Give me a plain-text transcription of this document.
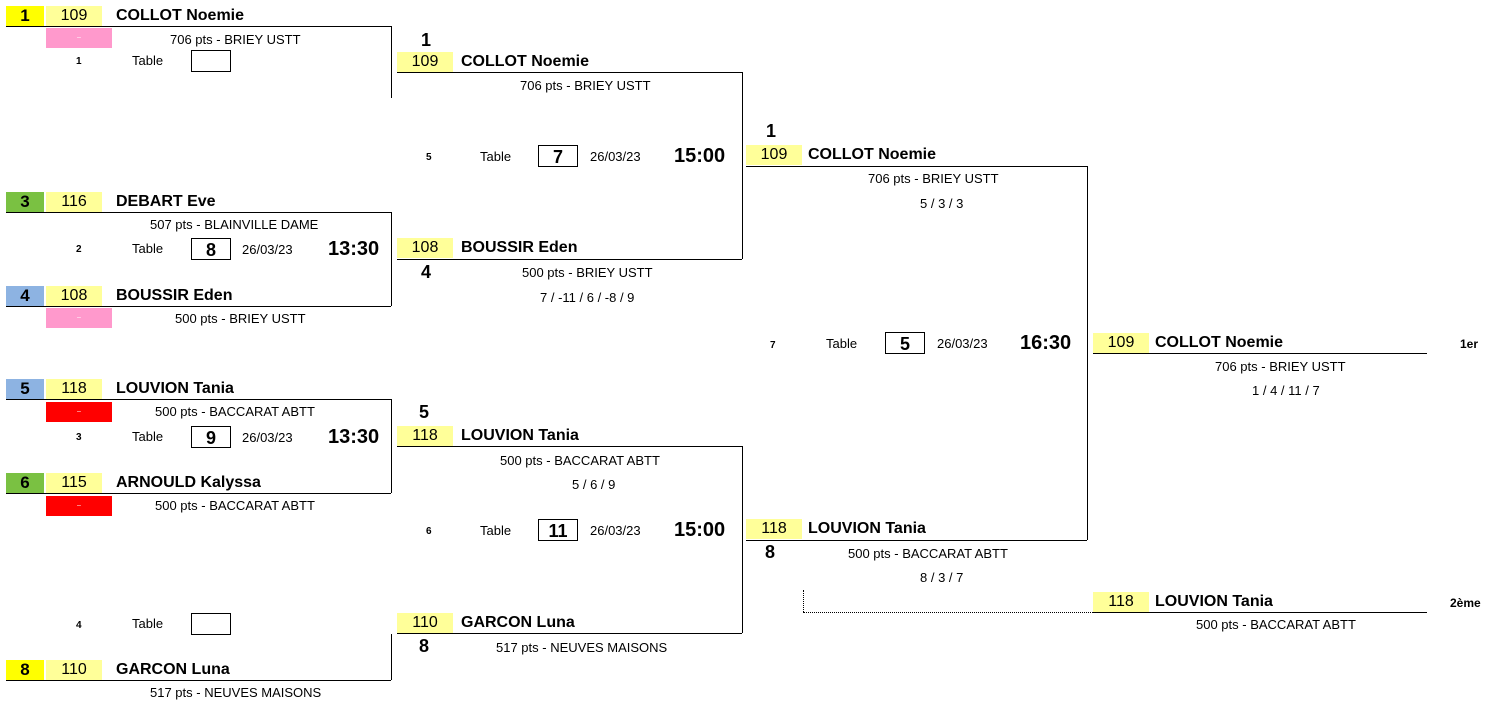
1	109	COLLOT Noemie
–	706 pts - BRIEY USTT
1	Table
3	116	DEBART Eve
507 pts - BLAINVILLE DAME
2	Table	8	26/03/23 13:30
4	108	BOUSSIR Eden
–	500 pts - BRIEY USTT
5	118	LOUVION Tania
–	500 pts - BACCARAT ABTT
3	Table	9	26/03/23 13:30
6	115	ARNOULD Kalyssa
–	500 pts - BACCARAT ABTT
4	Table
8	110	GARCON Luna
517 pts - NEUVES MAISONS
1
109	COLLOT Noemie
706 pts - BRIEY USTT
108	BOUSSIR Eden
4	500 pts - BRIEY USTT
7 / -11 / 6 / -8 / 9
5
118	LOUVION Tania
500 pts - BACCARAT ABTT
5 / 6 / 9
110	GARCON Luna
8	517 pts - NEUVES MAISONS
5	Table	7	26/03/23 15:00
6	Table	11	26/03/23 15:00
1
109	COLLOT Noemie
706 pts - BRIEY USTT
5 / 3 / 3
118	LOUVION Tania
8	500 pts - BACCARAT ABTT
8 / 3 / 7
7	Table	5	26/03/23 16:30	109	COLLOT Noemie	1er
706 pts - BRIEY USTT
1 / 4 / 11 / 7
118	LOUVION Tania	2ème
500 pts - BACCARAT ABTT
